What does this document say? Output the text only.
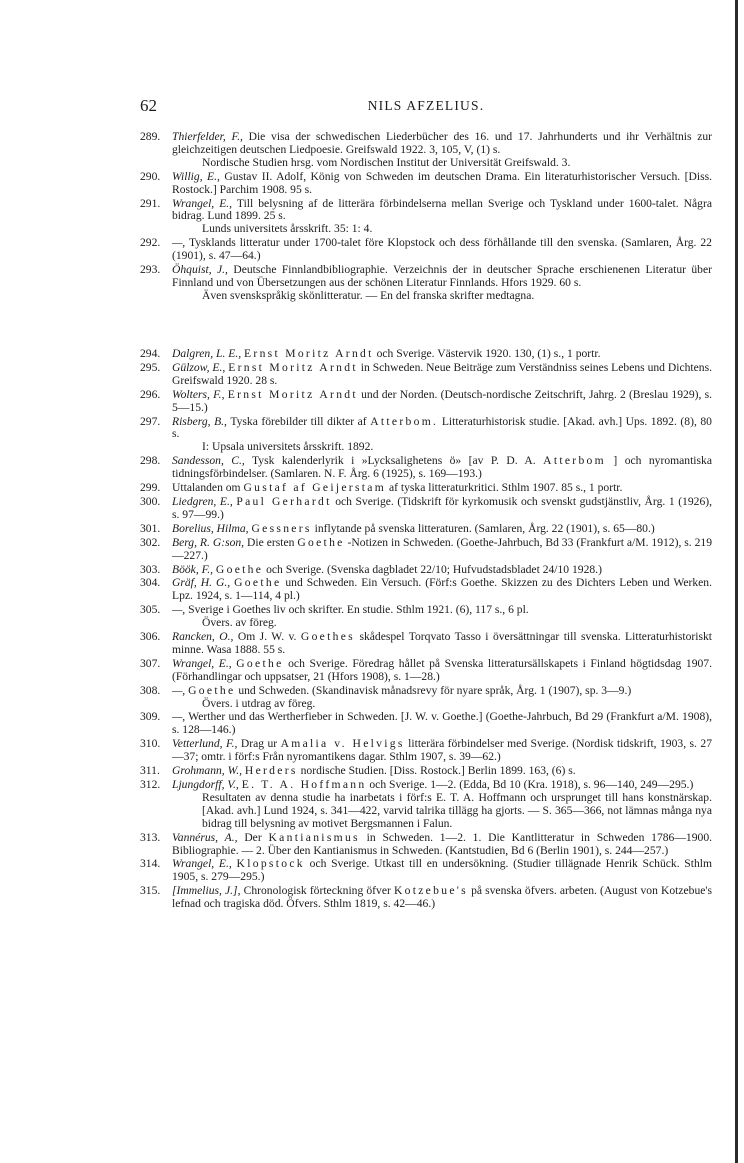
62	NILS AFZELIUS.
289. Thierfelder, F., Die visa der schwedischen Liederbücher des 16. und 17. Jahrhunderts und ihr Verhältnis zur gleichzeitigen deutschen Liedpoesie. Greifswald 1922. 3, 105, V, (1) s.
Nordische Studien hrsg. vom Nordischen Institut der Universität Greifswald. 3.
290. Willig, E., Gustav II. Adolf, König von Schweden im deutschen Drama. Ein literaturhistorischer Versuch. [Diss. Rostock.] Parchim 1908. 95 s.
291. Wrangel, E., Till belysning af de litterära förbindelserna mellan Sverige och Tyskland under 1600-talet. Några bidrag. Lund 1899. 25 s.
Lunds universitets årsskrift. 35: 1: 4.
292. —, Tysklands litteratur under 1700-talet före Klopstock och dess förhållande till den svenska. (Samlaren, Årg. 22 (1901), s. 47—64.)
293. Öhquist, J., Deutsche Finnlandbibliographie. Verzeichnis der in deutscher Sprache erschienenen Literatur über Finnland und von Übersetzungen aus der schönen Literatur Finnlands. Hfors 1929. 60 s.
Även svenskspråkig skönlitteratur. — En del franska skrifter medtagna.
294. Dalgren, L. E., Ernst Moritz Arndt och Sverige. Västervik 1920. 130, (1) s., 1 portr.
295. Gülzow, E., Ernst Moritz Arndt in Schweden. Neue Beiträge zum Verständniss seines Lebens und Dichtens. Greifswald 1920. 28 s.
296. Wolters, F., Ernst Moritz Arndt und der Norden. (Deutsch-nordische Zeitschrift, Jahrg. 2 (Breslau 1929), s. 5—15.)
297. Risberg, B., Tyska förebilder till dikter af Atterbom. Litteraturhistorisk studie. [Akad. avh.] Ups. 1892. (8), 80 s.
I: Upsala universitets årsskrift. 1892.
298. Sandesson, C., Tysk kalenderlyrik i »Lycksalighetens ö» [av P. D. A. Atterbom ] och nyromantiska tidningsförbindelser. (Samlaren. N. F. Årg. 6 (1925), s. 169—193.)
299. Uttalanden om Gustaf af Geijerstam af tyska litteraturkritici. Sthlm 1907. 85 s., 1 portr.
300. Liedgren, E., Paul Gerhardt och Sverige. (Tidskrift för kyrkomusik och svenskt gudstjänstliv, Årg. 1 (1926), s. 97—99.)
301. Borelius, Hilma, Gessners inflytande på svenska litteraturen. (Samlaren, Årg. 22 (1901), s. 65—80.)
302. Berg, R. G:son, Die ersten Goethe -Notizen in Schweden. (Goethe-Jahrbuch, Bd 33 (Frankfurt a/M. 1912), s. 219—227.)
303. Böök, F., Goethe och Sverige. (Svenska dagbladet 22/10; Hufvudstadsbladet 24/10 1928.)
304. Gräf, H. G., Goethe und Schweden. Ein Versuch. (Förf:s Goethe. Skizzen zu des Dichters Leben und Werken. Lpz. 1924, s. 1—114, 4 pl.)
305. —, Sverige i Goethes liv och skrifter. En studie. Sthlm 1921. (6), 117 s., 6 pl.
Övers. av föreg.
306. Rancken, O., Om J. W. v. Goethes skådespel Torqvato Tasso i översättningar till svenska. Litteraturhistoriskt minne. Wasa 1888. 55 s.
307. Wrangel, E., Goethe och Sverige. Föredrag hållet på Svenska litteratursällskapets i Finland högtidsdag 1907. (Förhandlingar och uppsatser, 21 (Hfors 1908), s. 1—28.)
308. —, Goethe und Schweden. (Skandinavisk månadsrevy för nyare språk, Årg. 1 (1907), sp. 3—9.)
Övers. i utdrag av föreg.
309. —, Werther und das Wertherfieber in Schweden. [J. W. v. Goethe.] (Goethe-Jahrbuch, Bd 29 (Frankfurt a/M. 1908), s. 128—146.)
310. Vetterlund, F., Drag ur Amalia v. Helvigs litterära förbindelser med Sverige. (Nordisk tidskrift, 1903, s. 27—37; omtr. i förf:s Från nyromantikens dagar. Sthlm 1907, s. 39—62.)
311. Grohmann, W., Herders nordische Studien. [Diss. Rostock.] Berlin 1899. 163, (6) s.
312. Ljungdorff, V., E. T. A. Hoffmann och Sverige. 1—2. (Edda, Bd 10 (Kra. 1918), s. 96—140, 249—295.)
Resultaten av denna studie ha inarbetats i förf:s E. T. A. Hoffmann och ursprunget till hans konstnärskap. [Akad. avh.] Lund 1924, s. 341—422, varvid talrika tillägg ha gjorts. — S. 365—366, not lämnas många nya bidrag till belysning av motivet Bergsmannen i Falun.
313. Vannérus, A., Der Kantianismus in Schweden. 1—2. 1. Die Kantlitteratur in Schweden 1786—1900. Bibliographie. — 2. Über den Kantianismus in Schweden. (Kantstudien, Bd 6 (Berlin 1901), s. 244—257.)
314. Wrangel, E., Klopstock och Sverige. Utkast till en undersökning. (Studier tillägnade Henrik Schück. Sthlm 1905, s. 279—295.)
315. [Immelius, J.], Chronologisk förteckning öfver Kotzebue's på svenska öfvers. arbeten. (August von Kotzebue's lefnad och tragiska död. Öfvers. Sthlm 1819, s. 42—46.)
